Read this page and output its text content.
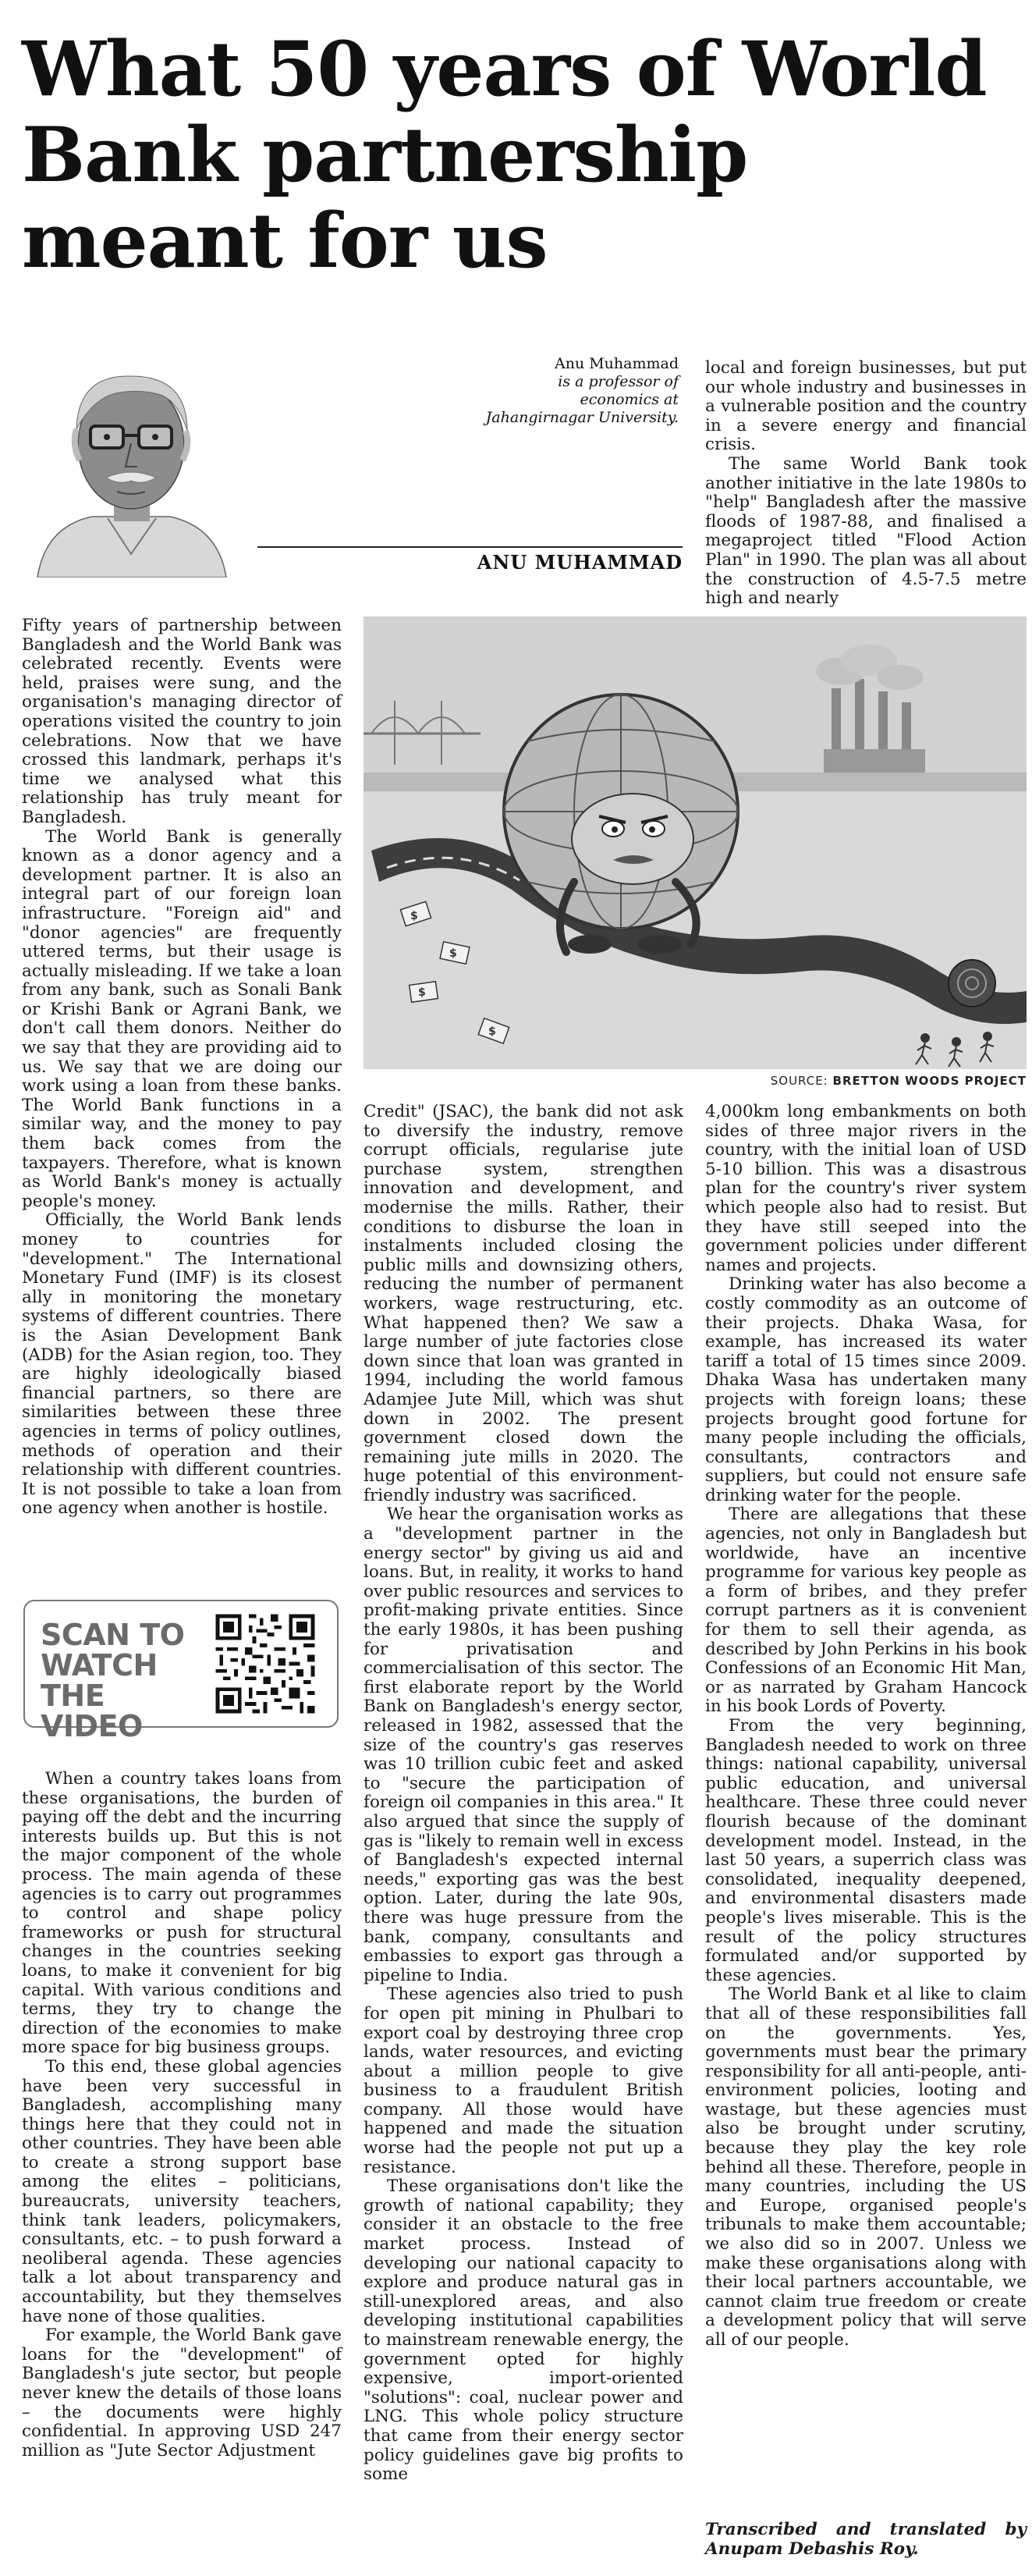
What 50 years of World
Bank partnership
meant for us
Anu Muhammad
is a professor of economics at Jahangirnagar University.
ANU MUHAMMAD

Fifty years of partnership between Bangladesh and the World Bank was celebrated recently. Events were held, praises were sung, and the organisation's managing director of operations visited the country to join celebrations. Now that we have crossed this landmark, perhaps it's time we analysed what this relationship has truly meant for Bangladesh.

The World Bank is generally known as a donor agency and a development partner. It is also an integral part of our foreign loan infrastructure. "Foreign aid" and "donor agencies" are frequently uttered terms, but their usage is actually misleading. If we take a loan from any bank, such as Sonali Bank or Krishi Bank or Agrani Bank, we don't call them donors. Neither do we say that they are providing aid to us. We say that we are doing our work using a loan from these banks. The World Bank functions in a similar way, and the money to pay them back comes from the taxpayers. Therefore, what is known as World Bank's money is actually people's money.

Officially, the World Bank lends money to countries for "development." The International Monetary Fund (IMF) is its closest ally in monitoring the monetary systems of different countries. There is the Asian Development Bank (ADB) for the Asian region, too. They are highly ideologically biased financial partners, so there are similarities between these three agencies in terms of policy outlines, methods of operation and their relationship with different countries. It is not possible to take a loan from one agency when another is hostile.

SCAN TO
WATCH THE
VIDEO

When a country takes loans from these organisations, the burden of paying off the debt and the incurring interests builds up. But this is not the major component of the whole process. The main agenda of these agencies is to carry out programmes to control and shape policy frameworks or push for structural changes in the countries seeking loans, to make it convenient for big capital. With various conditions and terms, they try to change the direction of the economies to make more space for big business groups.

To this end, these global agencies have been very successful in Bangladesh, accomplishing many things here that they could not in other countries. They have been able to create a strong support base among the elites – politicians, bureaucrats, university teachers, think tank leaders, policymakers, consultants, etc. – to push forward a neoliberal agenda. These agencies talk a lot about transparency and accountability, but they themselves have none of those qualities.

For example, the World Bank gave loans for the "development" of Bangladesh's jute sector, but people never knew the details of those loans – the documents were highly confidential. In approving USD 247 million as "Jute Sector Adjustment

$
$
$
$
SOURCE: BRETTON WOODS PROJECT

Credit" (JSAC), the bank did not ask to diversify the industry, remove corrupt officials, regularise jute purchase system, strengthen innovation and development, and modernise the mills. Rather, their conditions to disburse the loan in instalments included closing the public mills and downsizing others, reducing the number of permanent workers, wage restructuring, etc. What happened then? We saw a large number of jute factories close down since that loan was granted in 1994, including the world famous Adamjee Jute Mill, which was shut down in 2002. The present government closed down the remaining jute mills in 2020. The huge potential of this environment-friendly industry was sacrificed.

We hear the organisation works as a "development partner in the energy sector" by giving us aid and loans. But, in reality, it works to hand over public resources and services to profit-making private entities. Since the early 1980s, it has been pushing for privatisation and commercialisation of this sector. The first elaborate report by the World Bank on Bangladesh's energy sector, released in 1982, assessed that the size of the country's gas reserves was 10 trillion cubic feet and asked to "secure the participation of foreign oil companies in this area." It also argued that since the supply of gas is "likely to remain well in excess of Bangladesh's expected internal needs," exporting gas was the best option. Later, during the late 90s, there was huge pressure from the bank, company, consultants and embassies to export gas through a pipeline to India.

These agencies also tried to push for open pit mining in Phulbari to export coal by destroying three crop lands, water resources, and evicting about a million people to give business to a fraudulent British company. All those would have happened and made the situation worse had the people not put up a resistance.

These organisations don't like the growth of national capability; they consider it an obstacle to the free market process. Instead of developing our national capacity to explore and produce natural gas in still-unexplored areas, and also developing institutional capabilities to mainstream renewable energy, the government opted for highly expensive, import-oriented "solutions": coal, nuclear power and LNG. This whole policy structure that came from their energy sector policy guidelines gave big profits to some

local and foreign businesses, but put our whole industry and businesses in a vulnerable position and the country in a severe energy and financial crisis.

The same World Bank took another initiative in the late 1980s to "help" Bangladesh after the massive floods of 1987-88, and finalised a megaproject titled "Flood Action Plan" in 1990. The plan was all about the construction of 4.5-7.5 metre high and nearly

4,000km long embankments on both sides of three major rivers in the country, with the initial loan of USD 5-10 billion. This was a disastrous plan for the country's river system which people also had to resist. But they have still seeped into the government policies under different names and projects.

Drinking water has also become a costly commodity as an outcome of their projects. Dhaka Wasa, for example, has increased its water tariff a total of 15 times since 2009. Dhaka Wasa has undertaken many projects with foreign loans; these projects brought good fortune for many people including the officials, consultants, contractors and suppliers, but could not ensure safe drinking water for the people.

There are allegations that these agencies, not only in Bangladesh but worldwide, have an incentive programme for various key people as a form of bribes, and they prefer corrupt partners as it is convenient for them to sell their agenda, as described by John Perkins in his book Confessions of an Economic Hit Man, or as narrated by Graham Hancock in his book Lords of Poverty.

From the very beginning, Bangladesh needed to work on three things: national capability, universal public education, and universal healthcare. These three could never flourish because of the dominant development model. Instead, in the last 50 years, a superrich class was consolidated, inequality deepened, and environmental disasters made people's lives miserable. This is the result of the policy structures formulated and/or supported by these agencies.

The World Bank et al like to claim that all of these responsibilities fall on the governments. Yes, governments must bear the primary responsibility for all anti-people, anti-environment policies, looting and wastage, but these agencies must also be brought under scrutiny, because they play the key role behind all these. Therefore, people in many countries, including the US and Europe, organised people's tribunals to make them accountable; we also did so in 2007. Unless we make these organisations along with their local partners accountable, we cannot claim true freedom or create a development policy that will serve all of our people.

Transcribed and translated by Anupam Debashis Roy.
